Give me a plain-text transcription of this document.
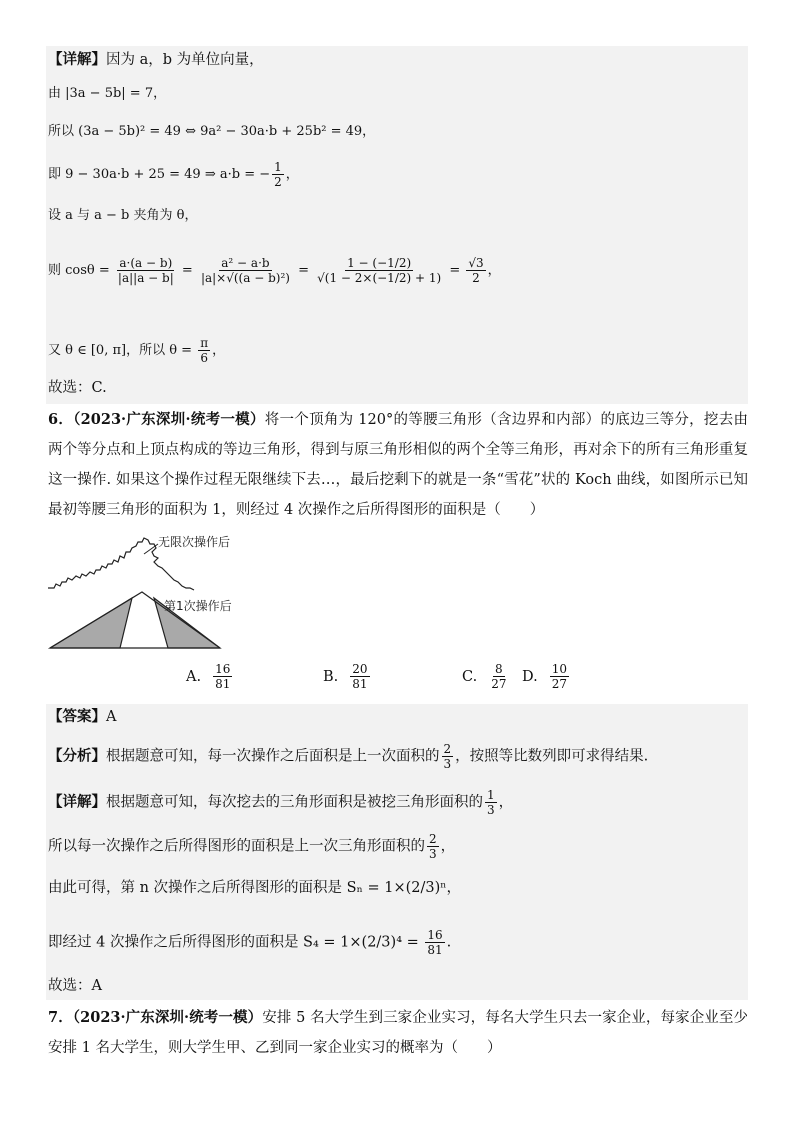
【详解】因为 a，b 为单位向量，
由 |3a − 5b| = 7，
所以 (3a − 5b)² = 49 ⇔ 9a² − 30a·b + 25b² = 49，
即 9 − 30a·b + 25 = 49 ⇒ a·b = − $\frac{1}{2}$ ，
设 a 与 a − b 夹角为 θ，
则 $\cos\theta = \frac{a\cdot(a - b)}{|a||a - b|} = \frac{\text{a² − a·b}}{\text{|a|×√((a − b)²)}} = \frac{1 - (-1/2)}{√(1 - 2\times(-1/2) + 1)} = \frac{√3}{2}$ ，
又 θ ∈ [0, π]，所以 $\theta = \frac{\pi}{6}$ ，
故选：C.

6．（2023·广东深圳·统考一模）将一个顶角为 120°的等腰三角形（含边界和内部）的底边三等分，挖去由两个等分点和上顶点构成的等边三角形，得到与原三角形相似的两个全等三角形，再对余下的所有三角形重复这一操作. 如果这个操作过程无限继续下去…，最后挖剩下的就是一条“雪花”状的 Koch 曲线，如图所示已知最初等腰三角形的面积为 1，则经过 4 次操作之后所得图形的面积是（　　）

无限次操作后
第1次操作后
A. $\frac{16}{81}$	B. $\frac{20}{81}$	C. $\frac{8}{27} D$. $\frac{10}{27}$
【答案】A
【分析】根据题意可知，每一次操作之后面积是上一次面积的 $\frac{2}{3}$ ，按照等比数列即可求得结果.
【详解】根据题意可知，每次挖去的三角形面积是被挖三角形面积的 $\frac{1}{3}$ ，
所以每一次操作之后所得图形的面积是上一次三角形面积的 $\frac{2}{3}$ ，
由此可得，第 n 次操作之后所得图形的面积是 Sₙ = 1×(2/3)ⁿ，
即经过 4 次操作之后所得图形的面积是 $S_4 = 1\times(2/3)^4 = \frac{16}{81}$ .
故选：A

7．（2023·广东深圳·统考一模）安排 5 名大学生到三家企业实习，每名大学生只去一家企业，每家企业至少安排 1 名大学生，则大学生甲、乙到同一家企业实习的概率为（　　）
